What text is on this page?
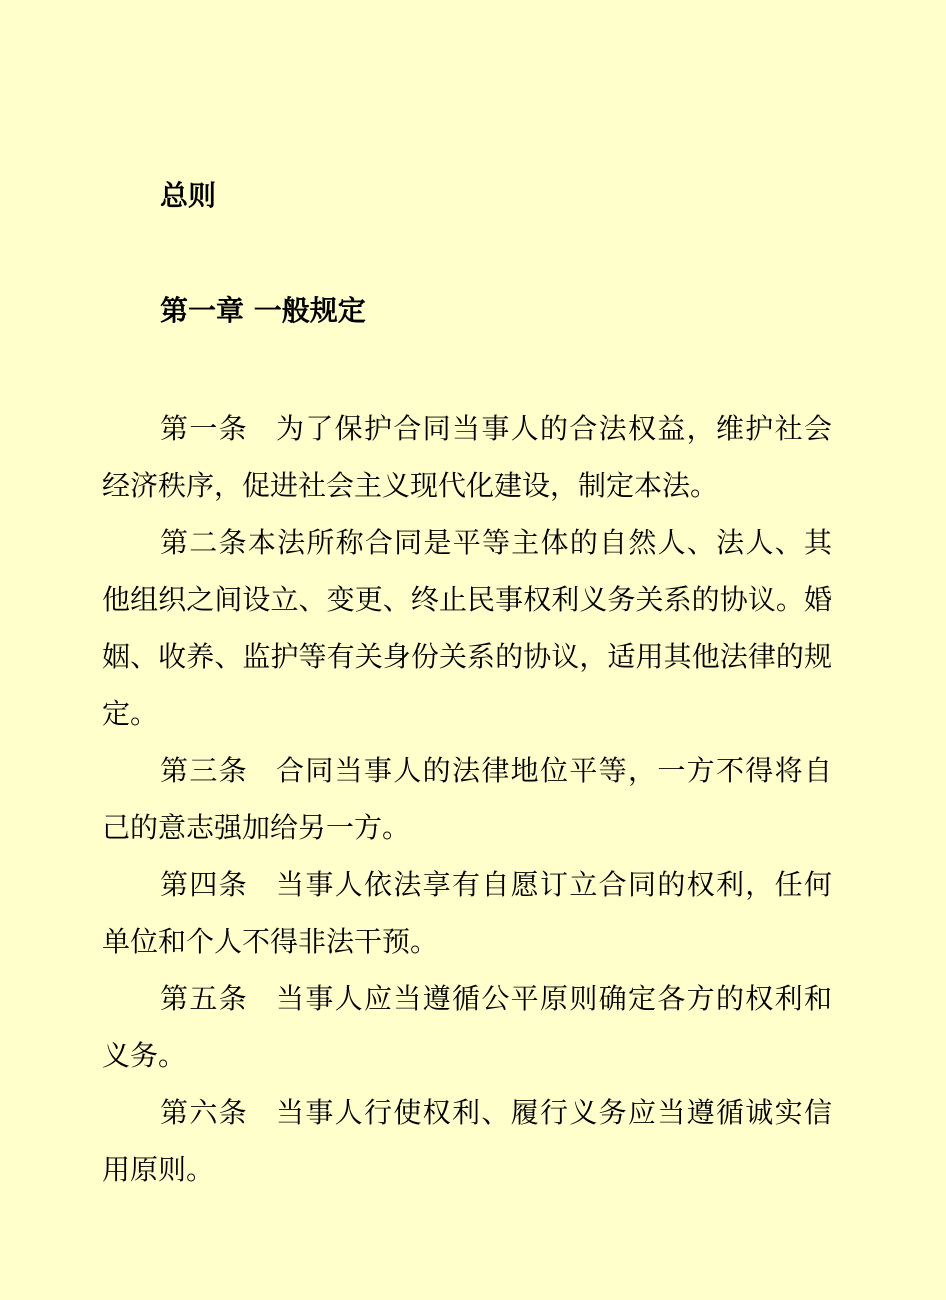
总则
第一章 一般规定

第一条 为了保护合同当事人的合法权益，维护社会经济秩序，促进社会主义现代化建设，制定本法。

第二条本法所称合同是平等主体的自然人、法人、其他组织之间设立、变更、终止民事权利义务关系的协议。婚姻、收养、监护等有关身份关系的协议，适用其他法律的规定。

第三条 合同当事人的法律地位平等，一方不得将自己的意志强加给另一方。

第四条 当事人依法享有自愿订立合同的权利，任何单位和个人不得非法干预。

第五条 当事人应当遵循公平原则确定各方的权利和义务。

第六条 当事人行使权利、履行义务应当遵循诚实信用原则。
